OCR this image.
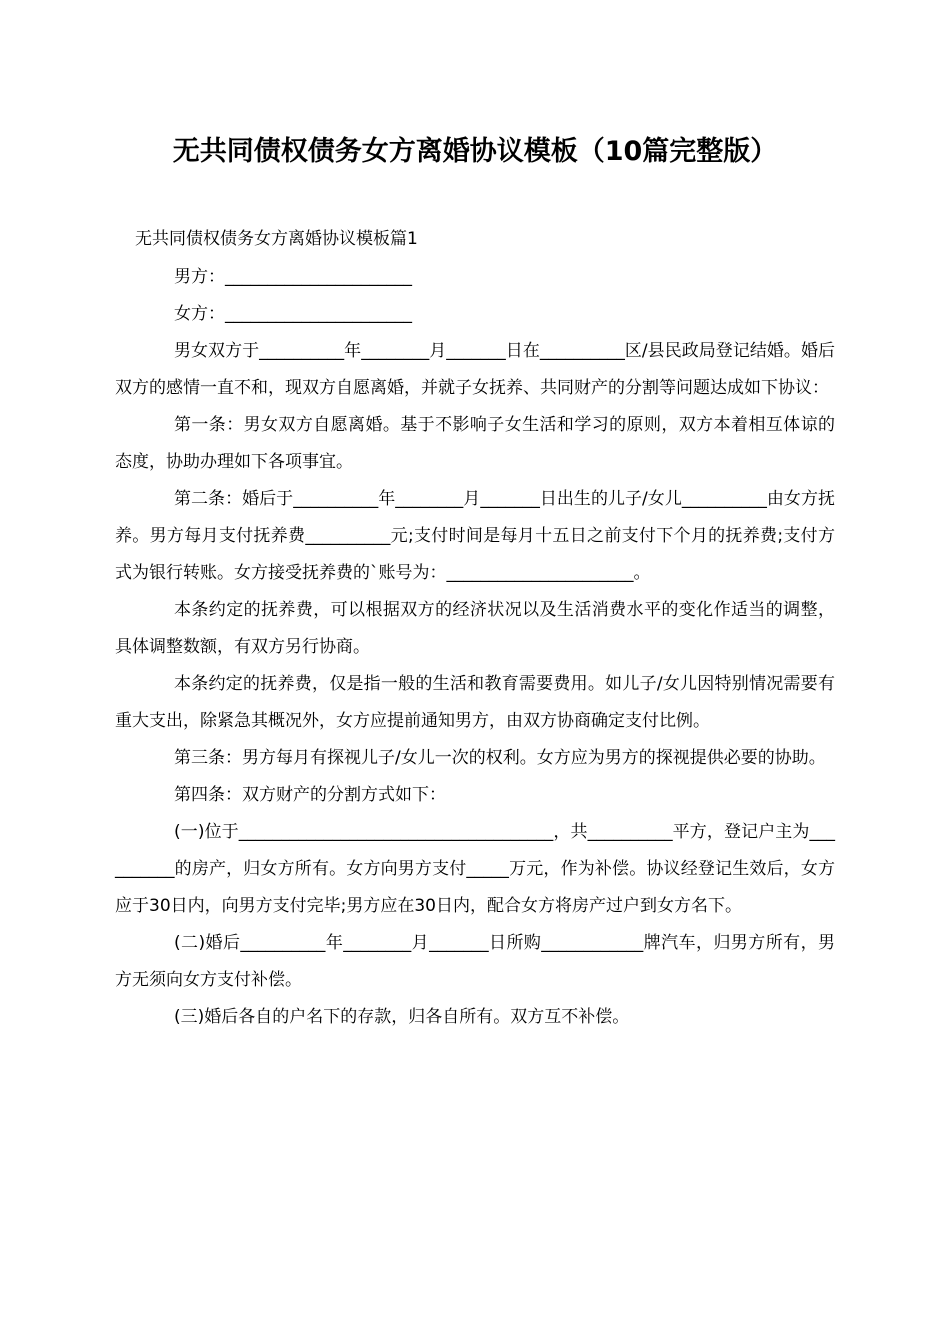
无共同债权债务女方离婚协议模板（10篇完整版）

无共同债权债务女方离婚协议模板篇1

男方：______________________

女方：______________________

男女双方于__________年________月_______日在__________区/县民政局登记结婚。婚后双方的感情一直不和，现双方自愿离婚，并就子女抚养、共同财产的分割等问题达成如下协议：

第一条：男女双方自愿离婚。基于不影响子女生活和学习的原则，双方本着相互体谅的态度，协助办理如下各项事宜。

第二条：婚后于__________年________月_______日出生的儿子/女儿__________由女方抚养。男方每月支付抚养费__________元;支付时间是每月十五日之前支付下个月的抚养费;支付方式为银行转账。女方接受抚养费的`账号为：______________________。

本条约定的抚养费，可以根据双方的经济状况以及生活消费水平的变化作适当的调整，具体调整数额，有双方另行协商。

本条约定的抚养费，仅是指一般的生活和教育需要费用。如儿子/女儿因特别情况需要有重大支出，除紧急其概况外，女方应提前通知男方，由双方协商确定支付比例。

第三条：男方每月有探视儿子/女儿一次的权利。女方应为男方的探视提供必要的协助。

第四条：双方财产的分割方式如下：

(一)位于_____________________________________，共__________平方，登记户主为__________的房产，归女方所有。女方向男方支付_____万元，作为补偿。协议经登记生效后，女方应于30日内，向男方支付完毕;男方应在30日内，配合女方将房产过户到女方名下。

(二)婚后__________年________月_______日所购____________牌汽车，归男方所有，男方无须向女方支付补偿。

(三)婚后各自的户名下的存款，归各自所有。双方互不补偿。
